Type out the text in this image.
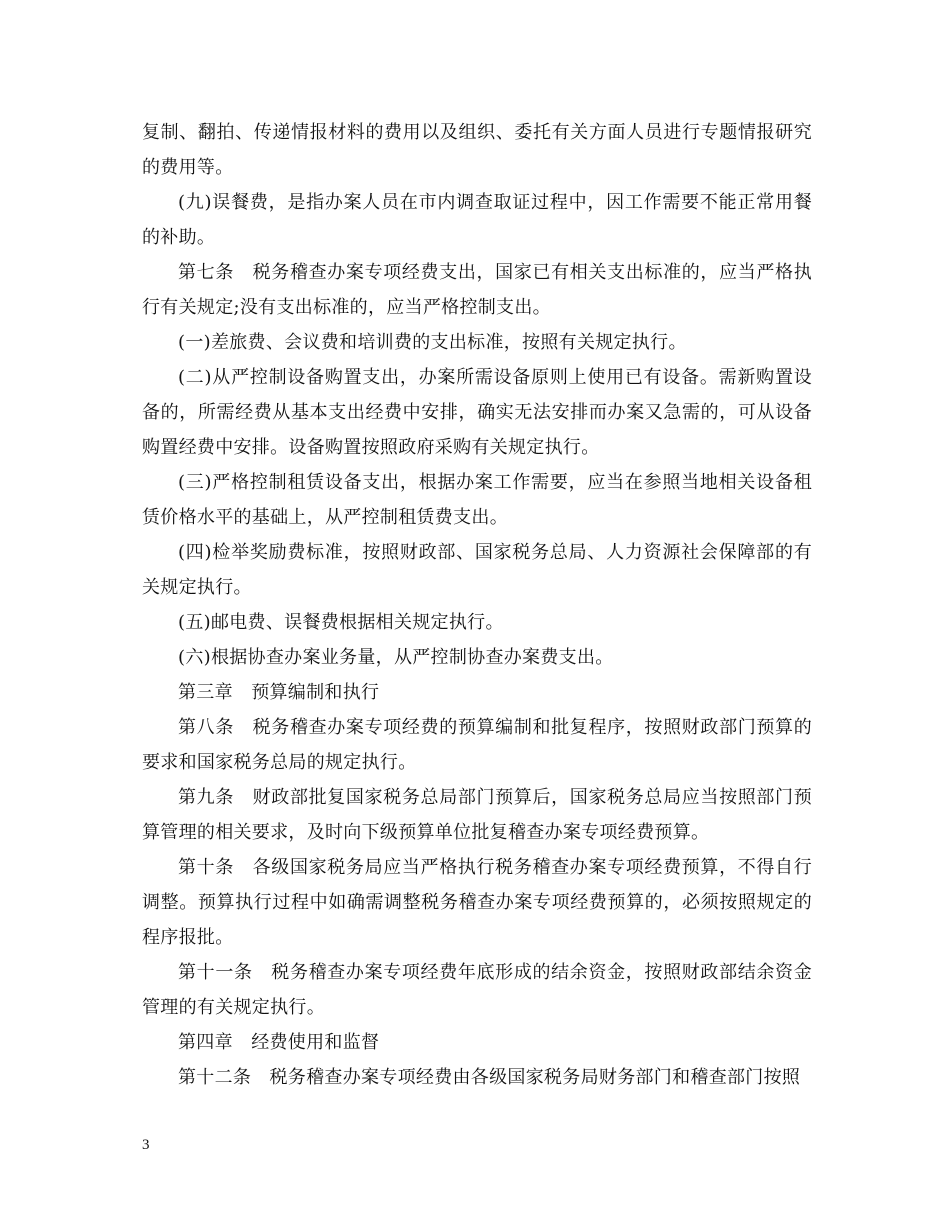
复制、翻拍、传递情报材料的费用以及组织、委托有关方面人员进行专题情报研究的费用等。

(九)误餐费，是指办案人员在市内调查取证过程中，因工作需要不能正常用餐的补助。

第七条　税务稽查办案专项经费支出，国家已有相关支出标准的，应当严格执行有关规定;没有支出标准的，应当严格控制支出。

(一)差旅费、会议费和培训费的支出标准，按照有关规定执行。

(二)从严控制设备购置支出，办案所需设备原则上使用已有设备。需新购置设备的，所需经费从基本支出经费中安排，确实无法安排而办案又急需的，可从设备购置经费中安排。设备购置按照政府采购有关规定执行。

(三)严格控制租赁设备支出，根据办案工作需要，应当在参照当地相关设备租赁价格水平的基础上，从严控制租赁费支出。

(四)检举奖励费标准，按照财政部、国家税务总局、人力资源社会保障部的有关规定执行。

(五)邮电费、误餐费根据相关规定执行。

(六)根据协查办案业务量，从严控制协查办案费支出。

第三章　预算编制和执行

第八条　税务稽查办案专项经费的预算编制和批复程序，按照财政部门预算的要求和国家税务总局的规定执行。

第九条　财政部批复国家税务总局部门预算后，国家税务总局应当按照部门预算管理的相关要求，及时向下级预算单位批复稽查办案专项经费预算。

第十条　各级国家税务局应当严格执行税务稽查办案专项经费预算，不得自行调整。预算执行过程中如确需调整税务稽查办案专项经费预算的，必须按照规定的程序报批。

第十一条　税务稽查办案专项经费年底形成的结余资金，按照财政部结余资金管理的有关规定执行。

第四章　经费使用和监督

第十二条　税务稽查办案专项经费由各级国家税务局财务部门和稽查部门按照

3
